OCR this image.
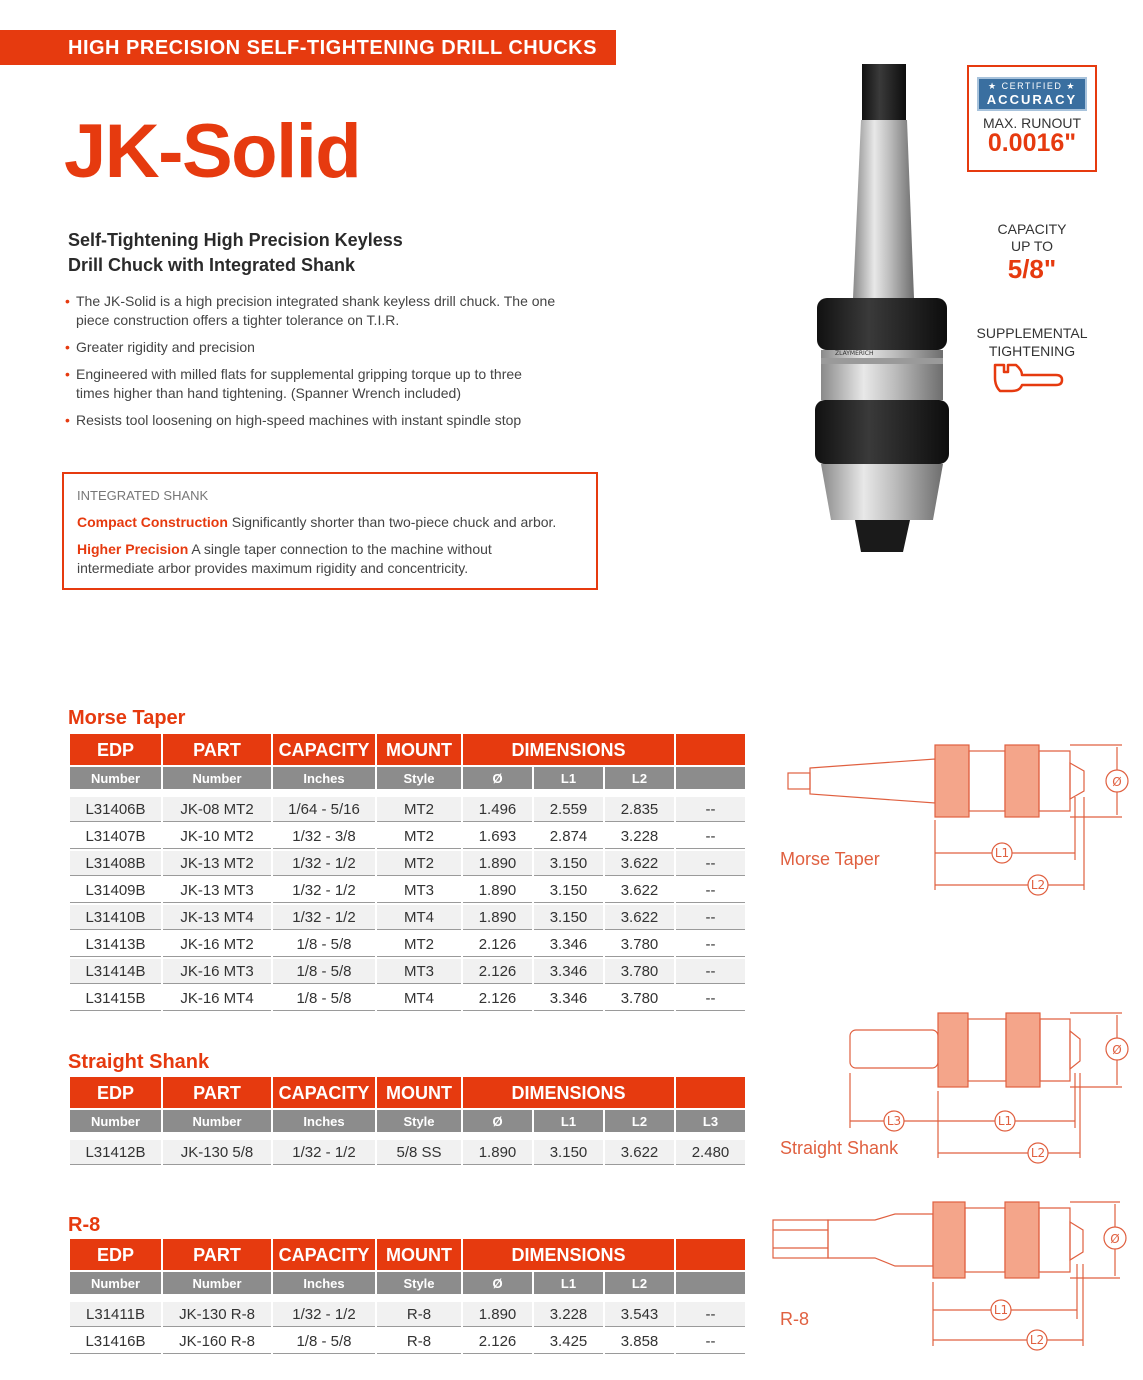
HIGH PRECISION SELF-TIGHTENING DRILL CHUCKS
JK-Solid
Self-Tightening High Precision Keyless
Drill Chuck with Integrated Shank
• The JK-Solid is a high precision integrated shank keyless drill chuck. The one
piece construction offers a tighter tolerance on T.I.R.
• Greater rigidity and precision
• Engineered with milled flats for supplemental gripping torque up to three
times higher than hand tightening. (Spanner Wrench included)
• Resists tool loosening on high-speed machines with instant spindle stop
INTEGRATED SHANK
Compact Construction Significantly shorter than two-piece chuck and arbor.
Higher Precision A single taper connection to the machine without
intermediate arbor provides maximum rigidity and concentricity.
ZLAYMERICH
★ CERTIFIED ★
ACCURACY
MAX. RUNOUT
0.0016"
CAPACITY
UP TO
5/8"
SUPPLEMENTAL
TIGHTENING
Morse Taper
EDP	PART	CAPACITY	MOUNT	DIMENSIONS			
Number	Number	Inches	Style	Ø	L1	L2	

L31406B	JK-08 MT2	1/64 - 5/16	MT2	1.496	2.559	2.835	--
L31407B	JK-10 MT2	1/32 - 3/8	MT2	1.693	2.874	3.228	--
L31408B	JK-13 MT2	1/32 - 1/2	MT2	1.890	3.150	3.622	--
L31409B	JK-13 MT3	1/32 - 1/2	MT3	1.890	3.150	3.622	--
L31410B	JK-13 MT4	1/32 - 1/2	MT4	1.890	3.150	3.622	--
L31413B	JK-16 MT2	1/8 - 5/8	MT2	2.126	3.346	3.780	--
L31414B	JK-16 MT3	1/8 - 5/8	MT3	2.126	3.346	3.780	--
L31415B	JK-16 MT4	1/8 - 5/8	MT4	2.126	3.346	3.780	--
Straight Shank
EDP	PART	CAPACITY	MOUNT	DIMENSIONS			
Number	Number	Inches	Style	Ø	L1	L2	L3

L31412B	JK-130 5/8	1/32 - 1/2	5/8 SS	1.890	3.150	3.622	2.480
R-8
EDP	PART	CAPACITY	MOUNT	DIMENSIONS			
Number	Number	Inches	Style	Ø	L1	L2	

L31411B	JK-130 R-8	1/32 - 1/2	R-8	1.890	3.228	3.543	--
L31416B	JK-160 R-8	1/8 - 5/8	R-8	2.126	3.425	3.858	--
Morse Taper	L1
L2
Ø
Straight Shank
L3	L1
L2
Ø
R-8	L1
L2
Ø
